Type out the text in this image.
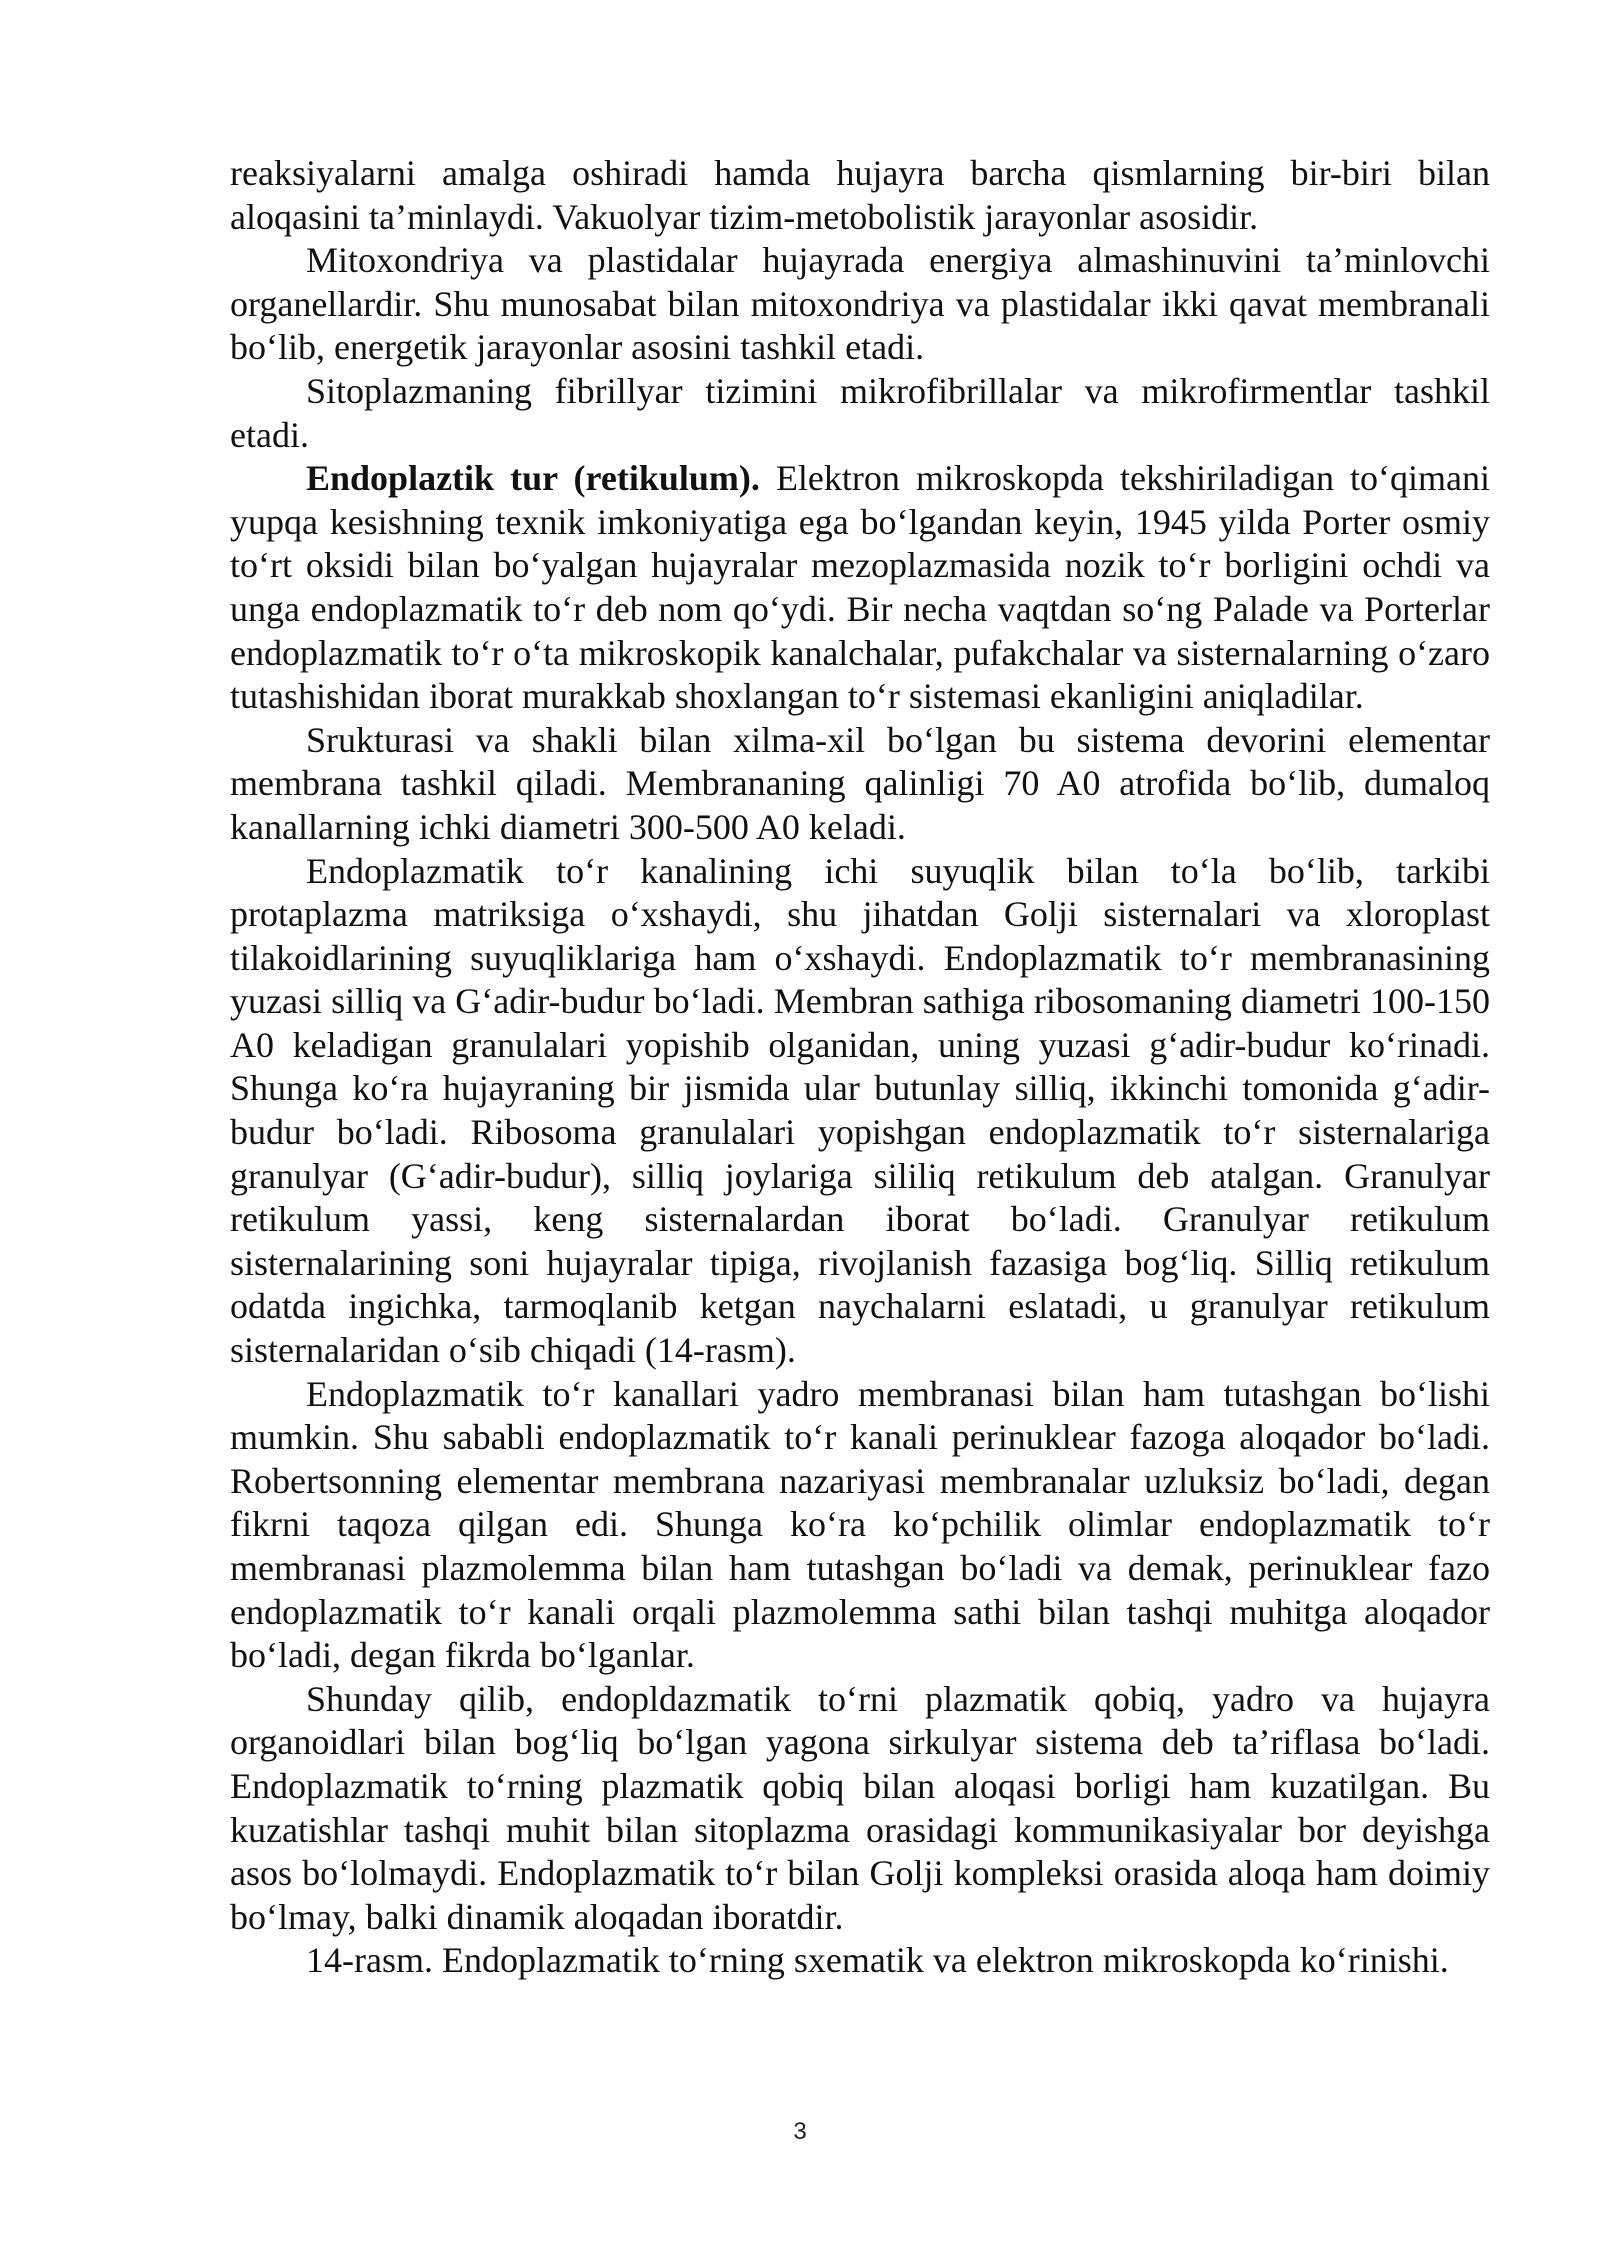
reaksiyalarni amalga oshiradi hamda hujayra barcha qismlarning bir-biri bilan aloqasini ta’minlaydi. Vakuolyar tizim-metobolistik jarayonlar asosidir.

Mitoxondriya va plastidalar hujayrada energiya almashinuvini ta’minlovchi organellardir. Shu munosabat bilan mitoxondriya va plastidalar ikki qavat membranali bo‘lib, energetik jarayonlar asosini tashkil etadi.

Sitoplazmaning fibrillyar tizimini mikrofibrillalar va mikrofirmentlar tashkil etadi.

Endoplaztik tur (retikulum). Elektron mikroskopda tekshiriladigan to‘qimani yupqa kesishning texnik imkoniyatiga ega bo‘lgandan keyin, 1945 yilda Porter osmiy to‘rt oksidi bilan bo‘yalgan hujayralar mezoplazmasida nozik to‘r borligini ochdi va unga endoplazmatik to‘r deb nom qo‘ydi. Bir necha vaqtdan so‘ng Palade va Porterlar endoplazmatik to‘r o‘ta mikroskopik kanalchalar, pufakchalar va sisternalarning o‘zaro tutashishidan iborat murakkab shoxlangan to‘r sistemasi ekanligini aniqladilar.

Srukturasi va shakli bilan xilma-xil bo‘lgan bu sistema devorini elementar membrana tashkil qiladi. Membrananing qalinligi 70 A0 atrofida bo‘lib, dumaloq kanallarning ichki diametri 300-500 A0 keladi.

Endoplazmatik to‘r kanalining ichi suyuqlik bilan to‘la bo‘lib, tarkibi protaplazma matriksiga o‘xshaydi, shu jihatdan Golji sisternalari va xloroplast tilakoidlarining suyuqliklariga ham o‘xshaydi. Endoplazmatik to‘r membranasining yuzasi silliq va G‘adir-budur bo‘ladi. Membran sathiga ribosomaning diametri 100-150 A0 keladigan granulalari yopishib olganidan, uning yuzasi g‘adir-budur ko‘rinadi. Shunga ko‘ra hujayraning bir jismida ular butunlay silliq, ikkinchi tomonida g‘adir-budur bo‘ladi. Ribosoma granulalari yopishgan endoplazmatik to‘r sisternalariga granulyar (G‘adir-budur), silliq joylariga sililiq retikulum deb atalgan. Granulyar retikulum yassi, keng sisternalardan iborat bo‘ladi. Granulyar retikulum sisternalarining soni hujayralar tipiga, rivojlanish fazasiga bog‘liq. Silliq retikulum odatda ingichka, tarmoqlanib ketgan naychalarni eslatadi, u granulyar retikulum sisternalaridan o‘sib chiqadi (14-rasm).

Endoplazmatik to‘r kanallari yadro membranasi bilan ham tutashgan bo‘lishi mumkin. Shu sababli endoplazmatik to‘r kanali perinuklear fazoga aloqador bo‘ladi. Robertsonning elementar membrana nazariyasi membranalar uzluksiz bo‘ladi, degan fikrni taqoza qilgan edi. Shunga ko‘ra ko‘pchilik olimlar endoplazmatik to‘r membranasi plazmolemma bilan ham tutashgan bo‘ladi va demak, perinuklear fazo endoplazmatik to‘r kanali orqali plazmolemma sathi bilan tashqi muhitga aloqador bo‘ladi, degan fikrda bo‘lganlar.

Shunday qilib, endopldazmatik to‘rni plazmatik qobiq, yadro va hujayra organoidlari bilan bog‘liq bo‘lgan yagona sirkulyar sistema deb ta’riflasa bo‘ladi. Endoplazmatik to‘rning plazmatik qobiq bilan aloqasi borligi ham kuzatilgan. Bu kuzatishlar tashqi muhit bilan sitoplazma orasidagi kommunikasiyalar bor deyishga asos bo‘lolmaydi. Endoplazmatik to‘r bilan Golji kompleksi orasida aloqa ham doimiy bo‘lmay, balki dinamik aloqadan iboratdir.

14-rasm. Endoplazmatik to‘rning sxematik va elektron mikroskopda ko‘rinishi.

3
